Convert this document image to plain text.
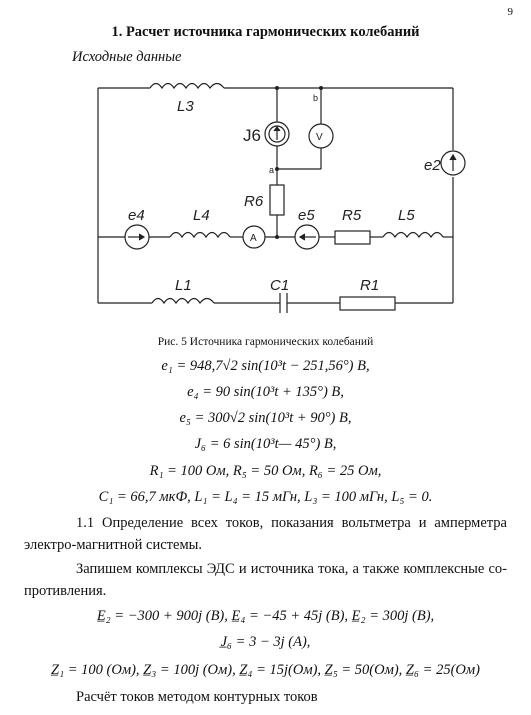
9
1. Расчет источника гармонических колебаний
Исходные данные
L3
J6	V
b
a
R6
e2
e4	L4
A
e5 R5 L5
L1	C1	R1
Рис. 5 Источника гармонических колебаний
e₁ = 948,7√2 sin(10³t − 251,56°) В,
e₄ = 90 sin(10³t + 135°) В,
e₅ = 300√2 sin(10³t + 90°) В,
J₆ = 6 sin(10³t— 45°) В,
R₁ = 100 Ом, R₅ = 50 Ом, R₆ = 25 Ом,
C₁ = 66,7 мкФ, L₁ = L₄ = 15 мГн, L₃ = 100 мГн, L₅ = 0.
1.1 Определение всех токов, показания вольтметра и амперметра электро-магнитной системы.
Запишем комплексы ЭДС и источника тока, а также комплексные со-противления.
E̲₂ = −300 + 900j (В), E̲₄ = −45 + 45j (В), E̲₂ = 300j (В),
J̲₆ = 3 − 3j (А),
Z̲₁ = 100 (Ом), Z̲₃ = 100j (Ом), Z̲₄ = 15j(Ом), Z̲₅ = 50(Ом), Z̲₆ = 25(Ом)
Расчёт токов методом контурных токов
